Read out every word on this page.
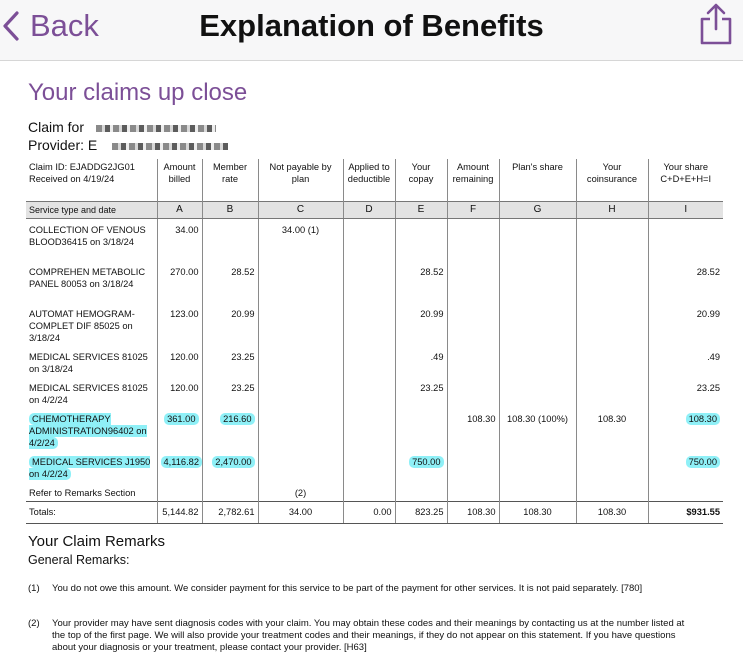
Back	Explanation of Benefits
Your claims up close
Claim for
Provider: E
Claim ID: EJADDG2JG01
Received on 4/19/24	Amount billed	Member rate	Not payable by plan	Applied to deductible	Your copay	Amount remaining	Plan's share	Your coinsurance	Your share C+D+E+H=I
Service type and date	A	B	C	D	E	F	G	H	I
COLLECTION OF VENOUS BLOOD36415 on 3/18/24	34.00		34.00 (1)						
COMPREHEN METABOLIC PANEL 80053 on 3/18/24	270.00	28.52			28.52				28.52
AUTOMAT HEMOGRAM-COMPLET DIF 85025 on 3/18/24	123.00	20.99			20.99				20.99
MEDICAL SERVICES 81025 on 3/18/24	120.00	23.25			.49				.49
MEDICAL SERVICES 81025 on 4/2/24	120.00	23.25			23.25				23.25
CHEMOTHERAPY ADMINISTRATION96402 on 4/2/24	361.00	216.60				108.30	108.30 (100%)	108.30	108.30
MEDICAL SERVICES J1950 on 4/2/24	4,116.82	2,470.00			750.00				750.00
Refer to Remarks Section			(2)						
Totals:	5,144.82	2,782.61	34.00	0.00	823.25	108.30	108.30	108.30	$931.55
Your Claim Remarks
General Remarks:
(1)	You do not owe this amount. We consider payment for this service to be part of the payment for other services. It is not paid separately. [780]
(2)	Your provider may have sent diagnosis codes with your claim. You may obtain these codes and their meanings by contacting us at the number listed at the top of the first page. We will also provide your treatment codes and their meanings, if they do not appear on this statement. If you have questions about your diagnosis or your treatment, please contact your provider. [H63]
